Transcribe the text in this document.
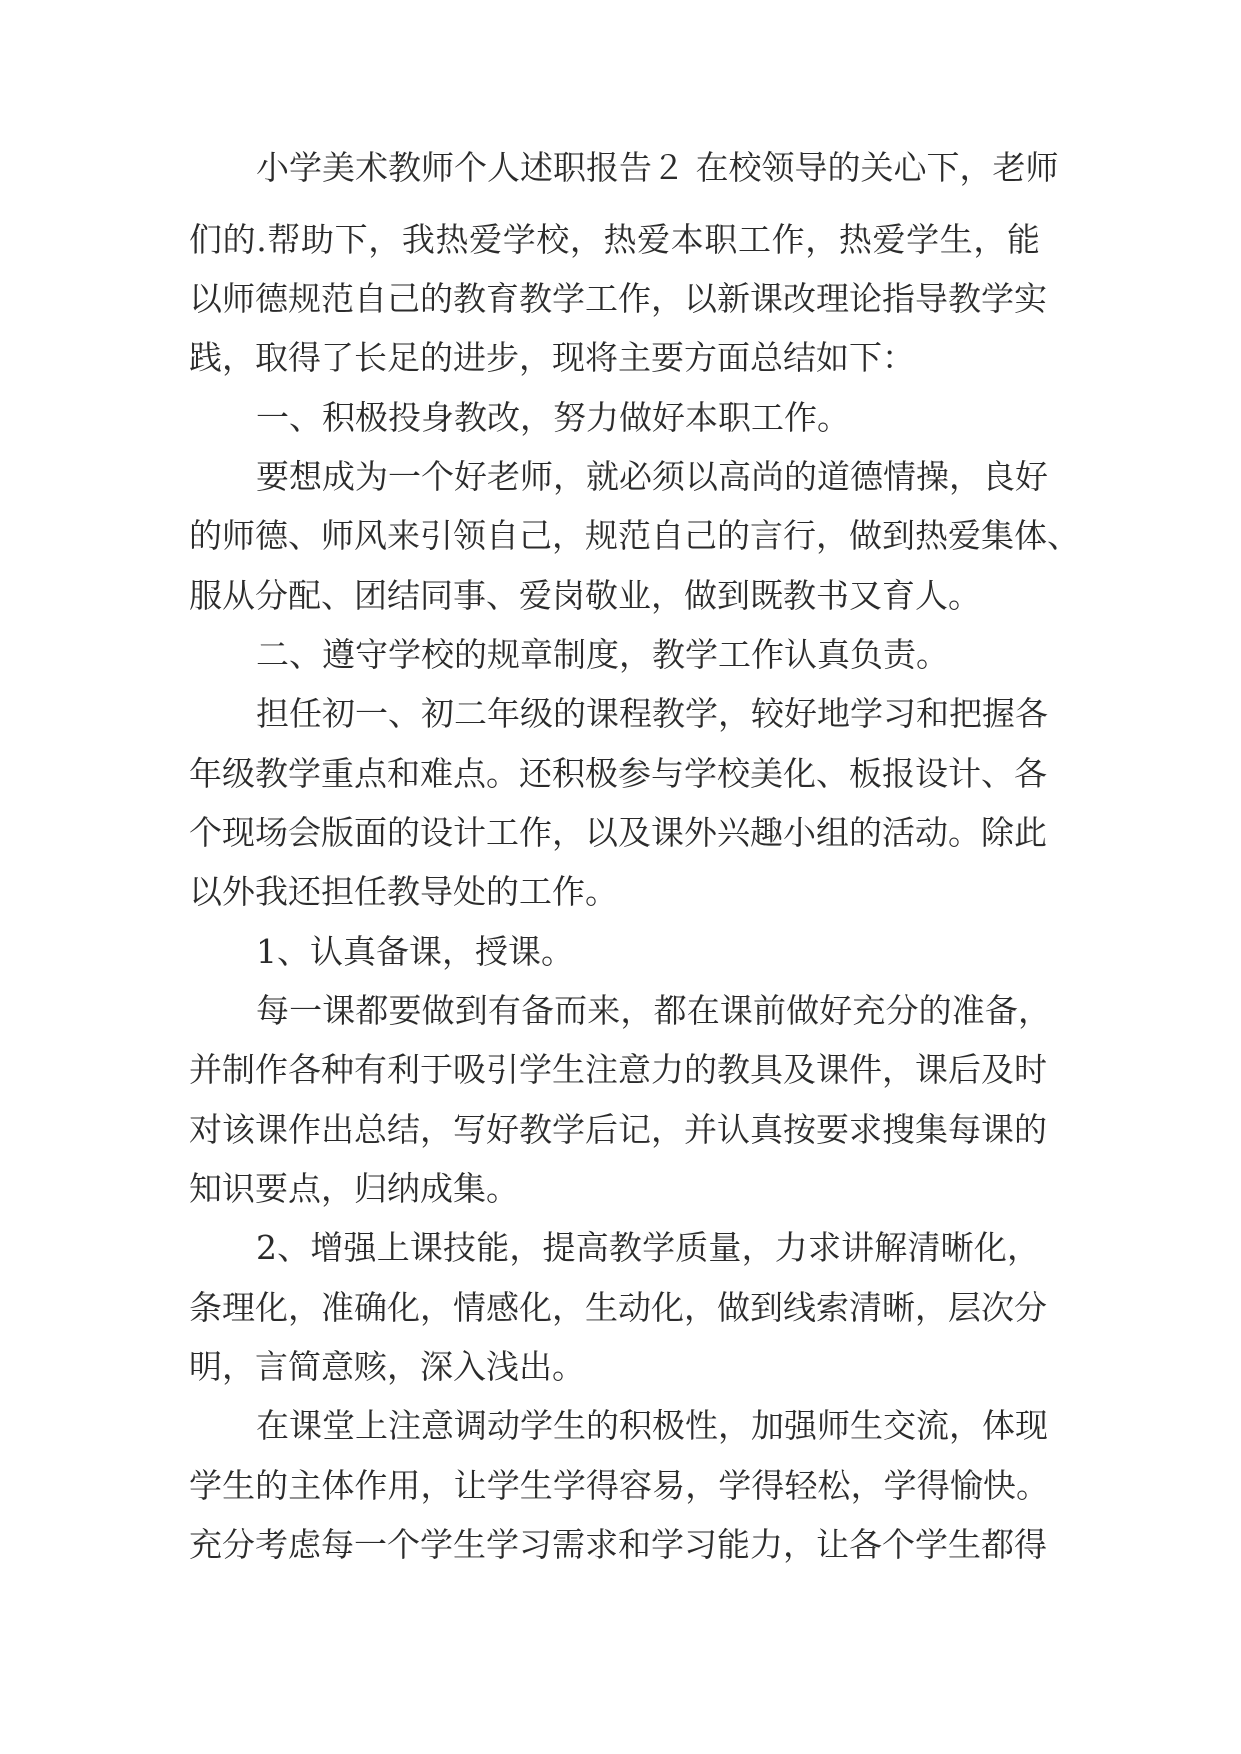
小学美术教师个人述职报告２ 在校领导的关心下，老师
们的.帮助下，我热爱学校，热爱本职工作，热爱学生，能
以师德规范自己的教育教学工作，以新课改理论指导教学实
践，取得了长足的进步，现将主要方面总结如下：
一、积极投身教改，努力做好本职工作。
要想成为一个好老师，就必须以高尚的道德情操，良好
的师德、师风来引领自己，规范自己的言行，做到热爱集体、
服从分配、团结同事、爱岗敬业，做到既教书又育人。
二、遵守学校的规章制度，教学工作认真负责。
担任初一、初二年级的课程教学，较好地学习和把握各
年级教学重点和难点。还积极参与学校美化、板报设计、各
个现场会版面的设计工作，以及课外兴趣小组的活动。除此
以外我还担任教导处的工作。
1、认真备课，授课。
每一课都要做到有备而来，都在课前做好充分的准备，
并制作各种有利于吸引学生注意力的教具及课件，课后及时
对该课作出总结，写好教学后记，并认真按要求搜集每课的
知识要点，归纳成集。
2、增强上课技能，提高教学质量，力求讲解清晰化，
条理化，准确化，情感化，生动化，做到线索清晰，层次分
明，言简意赅，深入浅出。
在课堂上注意调动学生的积极性，加强师生交流，体现
学生的主体作用，让学生学得容易，学得轻松，学得愉快。
充分考虑每一个学生学习需求和学习能力，让各个学生都得
